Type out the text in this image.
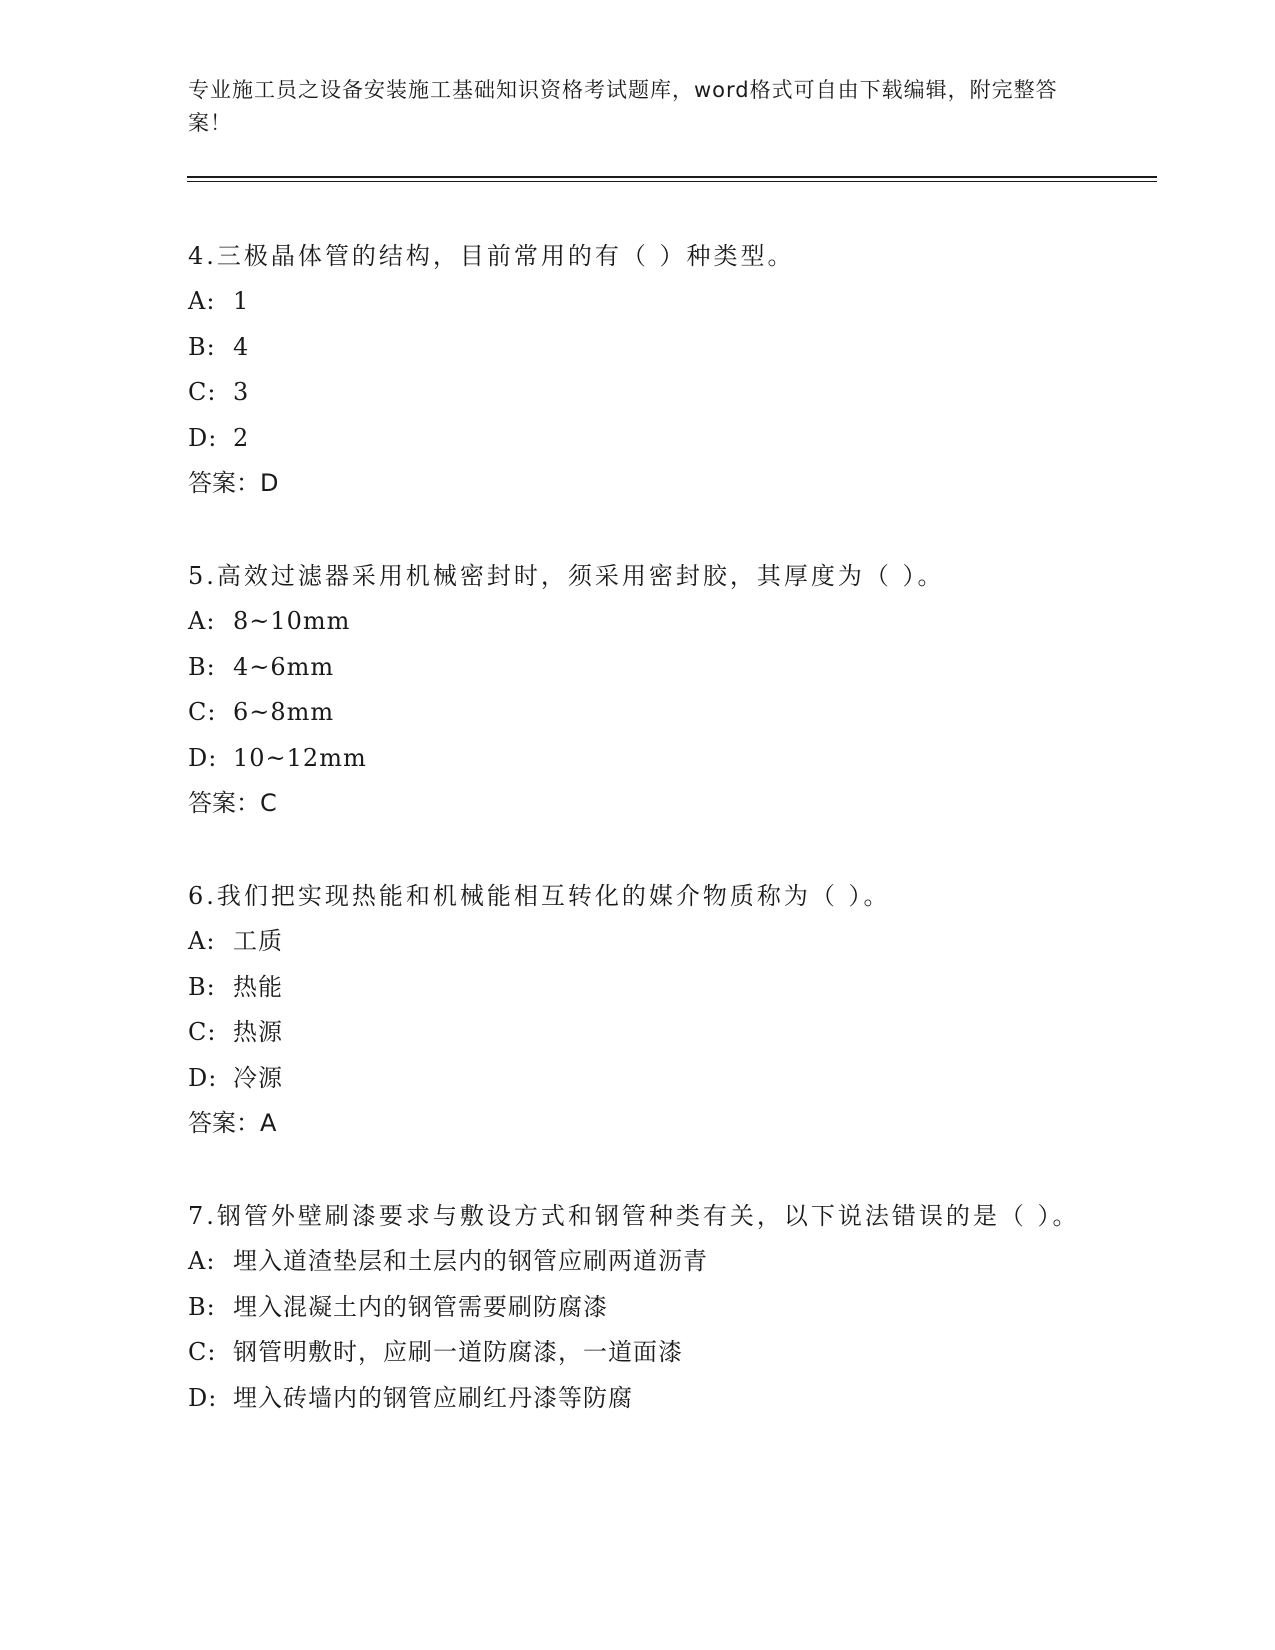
专业施工员之设备安装施工基础知识资格考试题库，word格式可自由下载编辑，附完整答案！

4.三极晶体管的结构，目前常用的有（ ）种类型。

A: 1
B: 4
C: 3
D: 2
答案：D

5.高效过滤器采用机械密封时，须采用密封胶，其厚度为（ ）。

A: 8~10mm
B: 4~6mm
C: 6~8mm
D: 10~12mm
答案：C

6.我们把实现热能和机械能相互转化的媒介物质称为（ ）。

A: 工质
B: 热能
C: 热源
D: 冷源
答案：A

7.钢管外壁刷漆要求与敷设方式和钢管种类有关，以下说法错误的是（ ）。

A: 埋入道渣垫层和土层内的钢管应刷两道沥青
B: 埋入混凝土内的钢管需要刷防腐漆
C: 钢管明敷时，应刷一道防腐漆，一道面漆
D: 埋入砖墙内的钢管应刷红丹漆等防腐
